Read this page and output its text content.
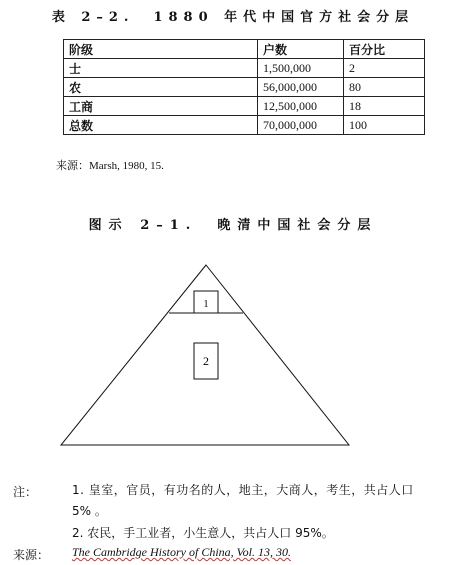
表 2–2.　1880 年代中国官方社会分层
阶级	户数	百分比
士	1,500,000	2
农	56,000,000	80
工商	12,500,000	18
总数	70,000,000	100
来源：Marsh, 1980, 15.
图示 2–1.　晚清中国社会分层
1
2
注：	1. 皇室，官员，有功名的人，地主，大商人，考生，共占人口
5% 。
2. 农民，手工业者，小生意人，共占人口 95%。
来源： The Cambridge History of China, Vol. 13, 30.
